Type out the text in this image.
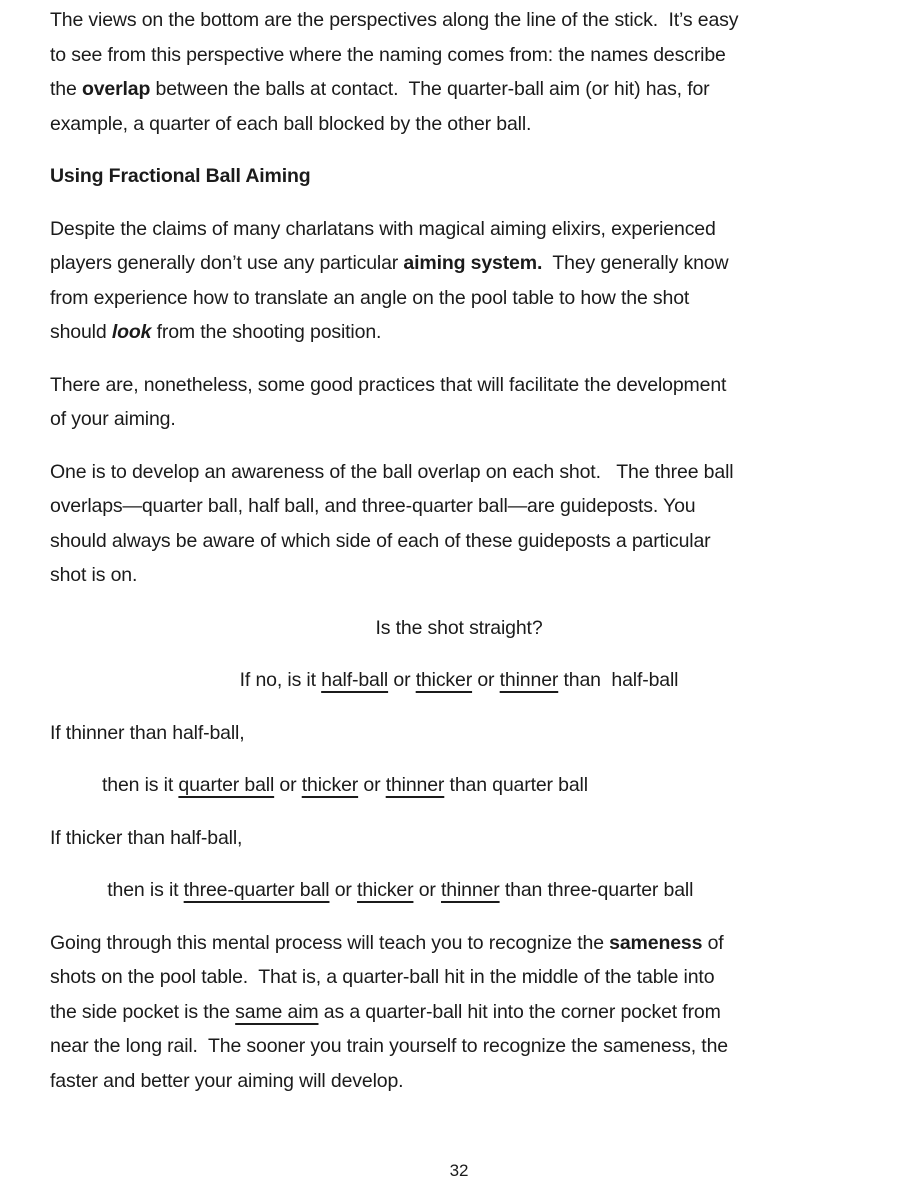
The views on the bottom are the perspectives along the line of the stick.  It’s easy
to see from this perspective where the naming comes from: the names describe
the overlap between the balls at contact.  The quarter-ball aim (or hit) has, for
example, a quarter of each ball blocked by the other ball.
Using Fractional Ball Aiming
Despite the claims of many charlatans with magical aiming elixirs, experienced
players generally don’t use any particular aiming system.  They generally know
from experience how to translate an angle on the pool table to how the shot
should look from the shooting position.
There are, nonetheless, some good practices that will facilitate the development
of your aiming.
One is to develop an awareness of the ball overlap on each shot.   The three ball
overlaps—quarter ball, half ball, and three-quarter ball—are guideposts. You
should always be aware of which side of each of these guideposts a particular
shot is on.
Is the shot straight?
If no, is it half-ball or thicker or thinner than  half-ball
If thinner than half-ball,
then is it quarter ball or thicker or thinner than quarter ball
If thicker than half-ball,
then is it three-quarter ball or thicker or thinner than three-quarter ball
Going through this mental process will teach you to recognize the sameness of
shots on the pool table.  That is, a quarter-ball hit in the middle of the table into
the side pocket is the same aim as a quarter-ball hit into the corner pocket from
near the long rail.  The sooner you train yourself to recognize the sameness, the
faster and better your aiming will develop.
32
